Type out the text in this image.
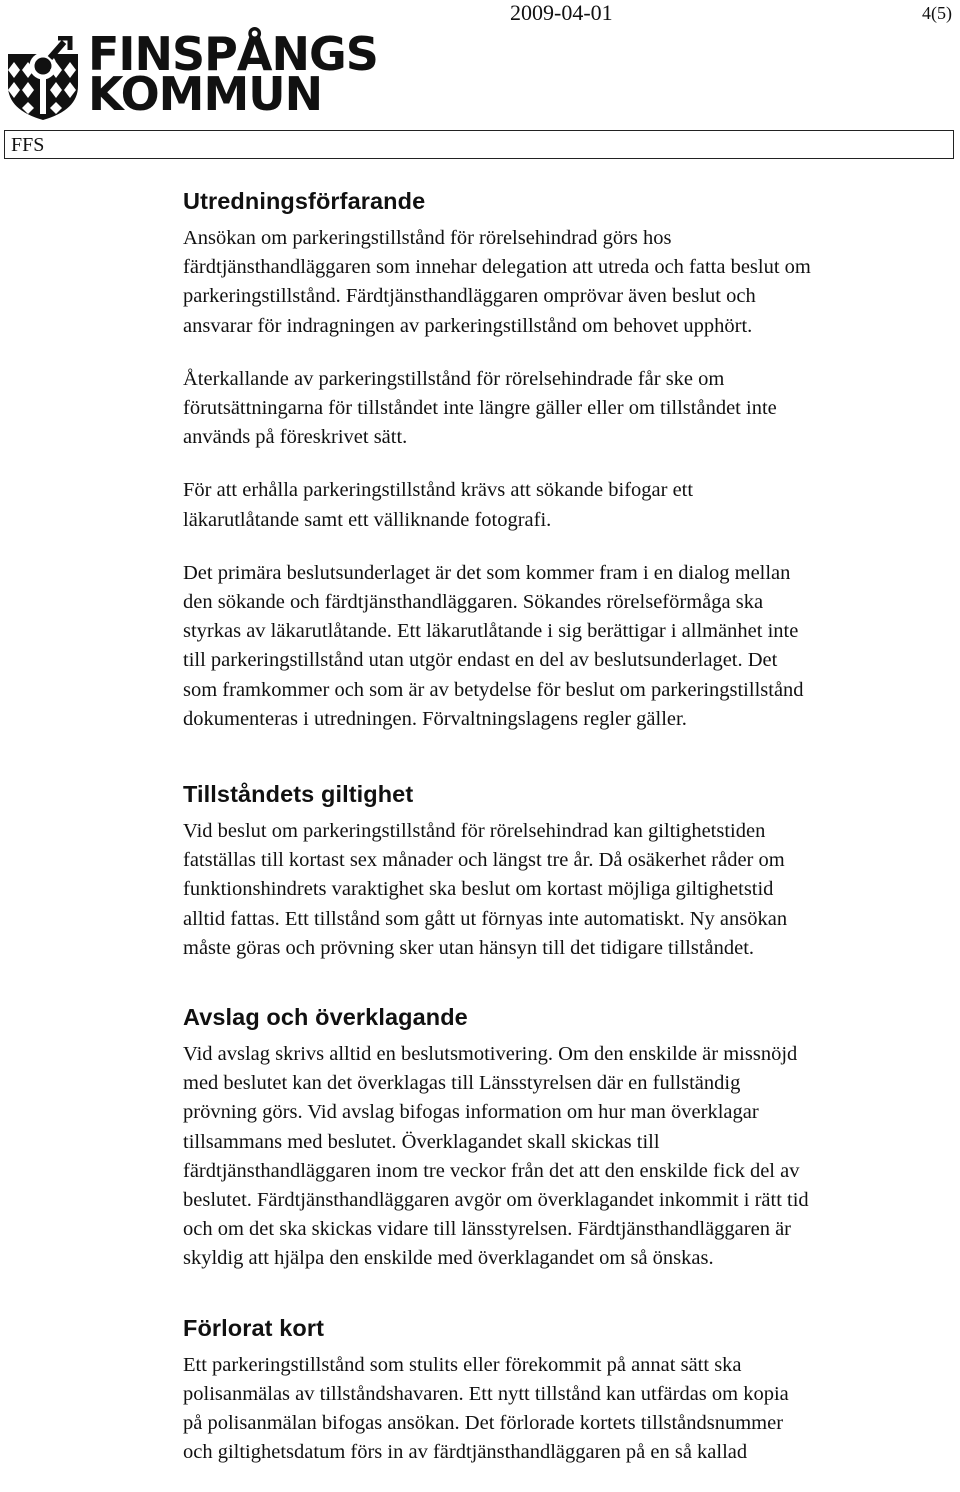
FINSPÅNGS
KOMMUN
2009-04-01	4(5)
FFS
Utredningsförfarande

Ansökan om parkeringstillstånd för rörelsehindrad görs hos
färdtjänsthandläggaren som innehar delegation att utreda och fatta beslut om
parkeringstillstånd. Färdtjänsthandläggaren omprövar även beslut och
ansvarar för indragningen av parkeringstillstånd om behovet upphört.

Återkallande av parkeringstillstånd för rörelsehindrade får ske om
förutsättningarna för tillståndet inte längre gäller eller om tillståndet inte
används på föreskrivet sätt.

För att erhålla parkeringstillstånd krävs att sökande bifogar ett
läkarutlåtande samt ett välliknande fotografi.

Det primära beslutsunderlaget är det som kommer fram i en dialog mellan
den sökande och färdtjänsthandläggaren. Sökandes rörelseförmåga ska
styrkas av läkarutlåtande. Ett läkarutlåtande i sig berättigar i allmänhet inte
till parkeringstillstånd utan utgör endast en del av beslutsunderlaget. Det
som framkommer och som är av betydelse för beslut om parkeringstillstånd
dokumenteras i utredningen. Förvaltningslagens regler gäller.

Tillståndets giltighet

Vid beslut om parkeringstillstånd för rörelsehindrad kan giltighetstiden
fatställas till kortast sex månader och längst tre år. Då osäkerhet råder om
funktionshindrets varaktighet ska beslut om kortast möjliga giltighetstid
alltid fattas. Ett tillstånd som gått ut förnyas inte automatiskt. Ny ansökan
måste göras och prövning sker utan hänsyn till det tidigare tillståndet.

Avslag och överklagande

Vid avslag skrivs alltid en beslutsmotivering. Om den enskilde är missnöjd
med beslutet kan det överklagas till Länsstyrelsen där en fullständig
prövning görs. Vid avslag bifogas information om hur man överklagar
tillsammans med beslutet. Överklagandet skall skickas till
färdtjänsthandläggaren inom tre veckor från det att den enskilde fick del av
beslutet. Färdtjänsthandläggaren avgör om överklagandet inkommit i rätt tid
och om det ska skickas vidare till länsstyrelsen. Färdtjänsthandläggaren är
skyldig att hjälpa den enskilde med överklagandet om så önskas.

Förlorat kort

Ett parkeringstillstånd som stulits eller förekommit på annat sätt ska
polisanmälas av tillståndshavaren. Ett nytt tillstånd kan utfärdas om kopia
på polisanmälan bifogas ansökan. Det förlorade kortets tillståndsnummer
och giltighetsdatum förs in av färdtjänsthandläggaren på en så kallad
